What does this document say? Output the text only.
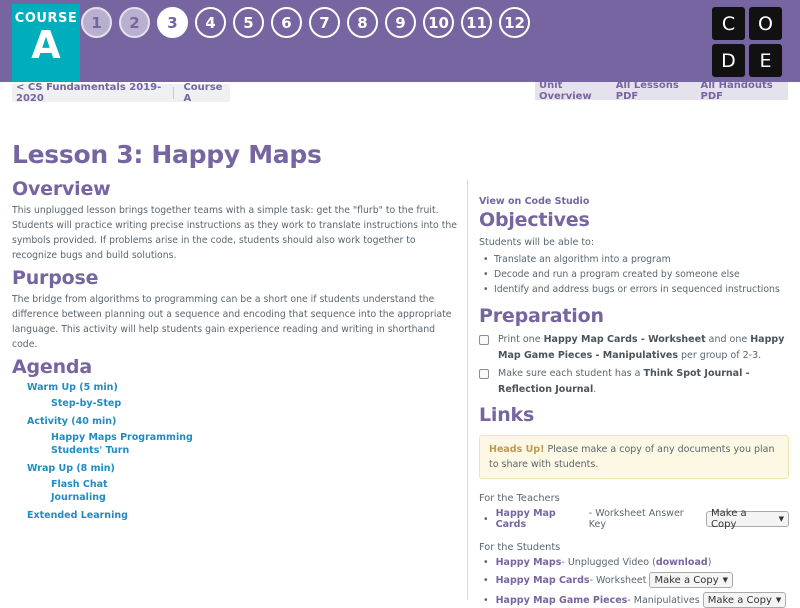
COURSE
A
1	2	3	4	5	6	7	8	9	10	11	12	C	O
D	E
< CS Fundamentals 2019-2020
Course A
Unit Overview
All Lessons PDF
All Handouts PDF
Lesson 3: Happy Maps
Overview

This unplugged lesson brings together teams with a simple task: get the "flurb" to the fruit. Students will practice writing precise instructions as they work to translate instructions into the symbols provided. If problems arise in the code, students should also work together to recognize bugs and build solutions.

Purpose

The bridge from algorithms to programming can be a short one if students understand the difference between planning out a sequence and encoding that sequence into the appropriate language. This activity will help students gain experience reading and writing in shorthand code.

Agenda
Warm Up (5 min)
Step-by-Step
Activity (40 min)
Happy Maps Programming
Students' Turn
Wrap Up (8 min)
Flash Chat
Journaling
Extended Learning
View on Code Studio
Objectives

Students will be able to:

• Translate an algorithm into a program
• Decode and run a program created by someone else
• Identify and address bugs or errors in sequenced instructions
Preparation
Print one Happy Map Cards - Worksheet and one Happy Map Game Pieces - Manipulatives per group of 2-3.
Make sure each student has a Think Spot Journal - Reflection Journal.
Links
Heads Up! Please make a copy of any documents you plan to share with students.

For the Teachers

• Happy Map Cards
- Worksheet Answer Key
Make a Copy	▼

For the Students

• Happy Maps - Unplugged Video ( download )
• Happy Map Cards - Worksheet Make a Copy ▼
• Happy Map Game Pieces - Manipulatives Make a Copy ▼
